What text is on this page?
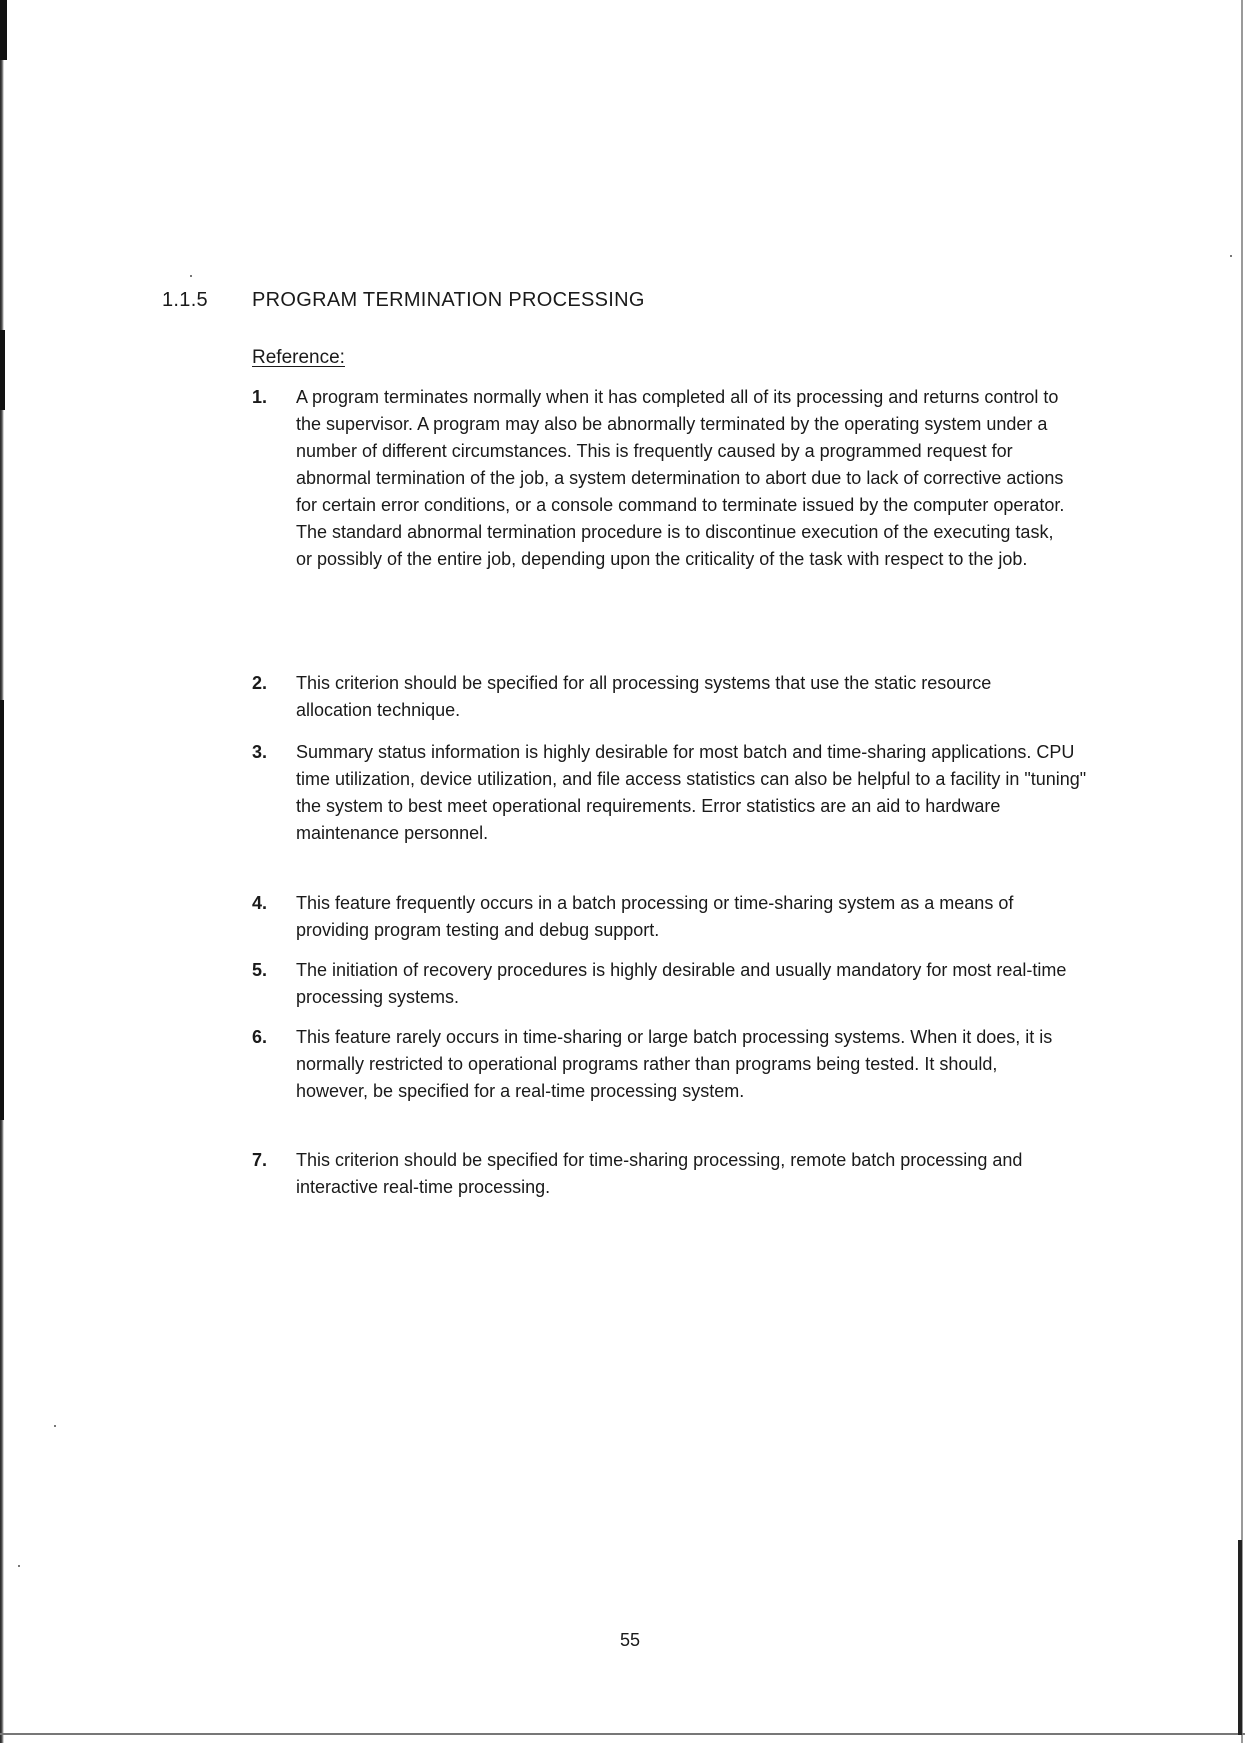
1.1.5 PROGRAM TERMINATION PROCESSING
Reference:
1.	A program terminates normally when it has completed all of its processing and returns control to the supervisor. A program may also be abnormally terminated by the operating system under a number of different circumstances. This is frequently caused by a programmed request for abnormal termination of the job, a system determination to abort due to lack of corrective actions for certain error conditions, or a console command to terminate issued by the computer operator. The standard abnormal termination procedure is to discontinue execution of the executing task, or possibly of the entire job, depending upon the criticality of the task with respect to the job.
2.	This criterion should be specified for all processing systems that use the static resource allocation technique.
3.	Summary status information is highly desirable for most batch and time-sharing applications. CPU time utilization, device utilization, and file access statistics can also be helpful to a facility in "tuning" the system to best meet operational requirements. Error statistics are an aid to hardware maintenance personnel.
4.	This feature frequently occurs in a batch processing or time-sharing system as a means of providing program testing and debug support.
5.	The initiation of recovery procedures is highly desirable and usually mandatory for most real-time processing systems.
6.	This feature rarely occurs in time-sharing or large batch processing systems. When it does, it is normally restricted to operational programs rather than programs being tested. It should, however, be specified for a real-time processing system.
7.	This criterion should be specified for time-sharing processing, remote batch processing and interactive real-time processing.
55
